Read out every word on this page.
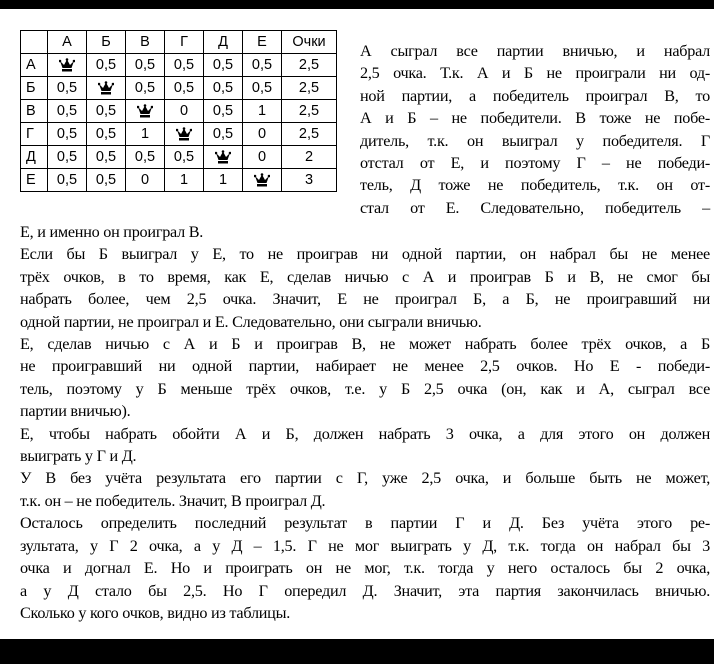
	А	Б	В	Г	Д	Е	Очки
А		0,5	0,5	0,5	0,5	0,5	2,5
Б	0,5		0,5	0,5	0,5	0,5	2,5
В	0,5	0,5		0	0,5	1	2,5
Г	0,5	0,5	1		0,5	0	2,5
Д	0,5	0,5	0,5	0,5		0	2
Е	0,5	0,5	0	1	1		3
А сыграл все партии вничью, и набрал
2,5 очка. Т.к. А и Б не проиграли ни од-
ной партии, а победитель проиграл В, то
А и Б – не победители. В тоже не побе-
дитель, т.к. он выиграл у победителя. Г
отстал от Е, и поэтому Г – не победи-
тель, Д тоже не победитель, т.к. он от-
стал от Е. Следовательно, победитель –
Е, и именно он проиграл В.
Если бы Б выиграл у Е, то не проиграв ни одной партии, он набрал бы не менее
трёх очков, в то время, как Е, сделав ничью с А и проиграв Б и В, не смог бы
набрать более, чем 2,5 очка. Значит, Е не проиграл Б, а Б, не проигравший ни
одной партии, не проиграл и Е. Следовательно, они сыграли вничью.
Е, сделав ничью с А и Б и проиграв В, не может набрать более трёх очков, а Б
не проигравший ни одной партии, набирает не менее 2,5 очков. Но Е - победи-
тель, поэтому у Б меньше трёх очков, т.е. у Б 2,5 очка (он, как и А, сыграл все
партии вничью).
Е, чтобы набрать обойти А и Б, должен набрать 3 очка, а для этого он должен
выиграть у Г и Д.
У В без учёта результата его партии с Г, уже 2,5 очка, и больше быть не может,
т.к. он – не победитель. Значит, В проиграл Д.
Осталось определить последний результат в партии Г и Д. Без учёта этого ре-
зультата, у Г 2 очка, а у Д – 1,5. Г не мог выиграть у Д, т.к. тогда он набрал бы 3
очка и догнал Е. Но и проиграть он не мог, т.к. тогда у него осталось бы 2 очка,
а у Д стало бы 2,5. Но Г опередил Д. Значит, эта партия закончилась вничью.
Сколько у кого очков, видно из таблицы.
